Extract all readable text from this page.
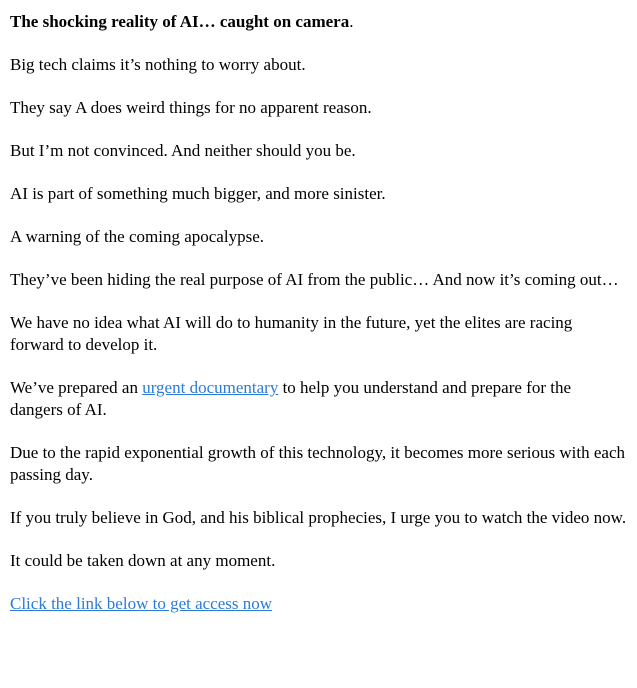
The shocking reality of AI… caught on camera.

Big tech claims it’s nothing to worry about.

They say A does weird things for no apparent reason.

But I’m not convinced. And neither should you be.

AI is part of something much bigger, and more sinister.

A warning of the coming apocalypse.

They’ve been hiding the real purpose of AI from the public… And now it’s coming out…

We have no idea what AI will do to humanity in the future, yet the elites are racing forward to develop it.

We’ve prepared an urgent documentary to help you understand and prepare for the dangers of AI.

Due to the rapid exponential growth of this technology, it becomes more serious with each passing day.

If you truly believe in God, and his biblical prophecies, I urge you to watch the video now.

It could be taken down at any moment.

Click the link below to get access now
